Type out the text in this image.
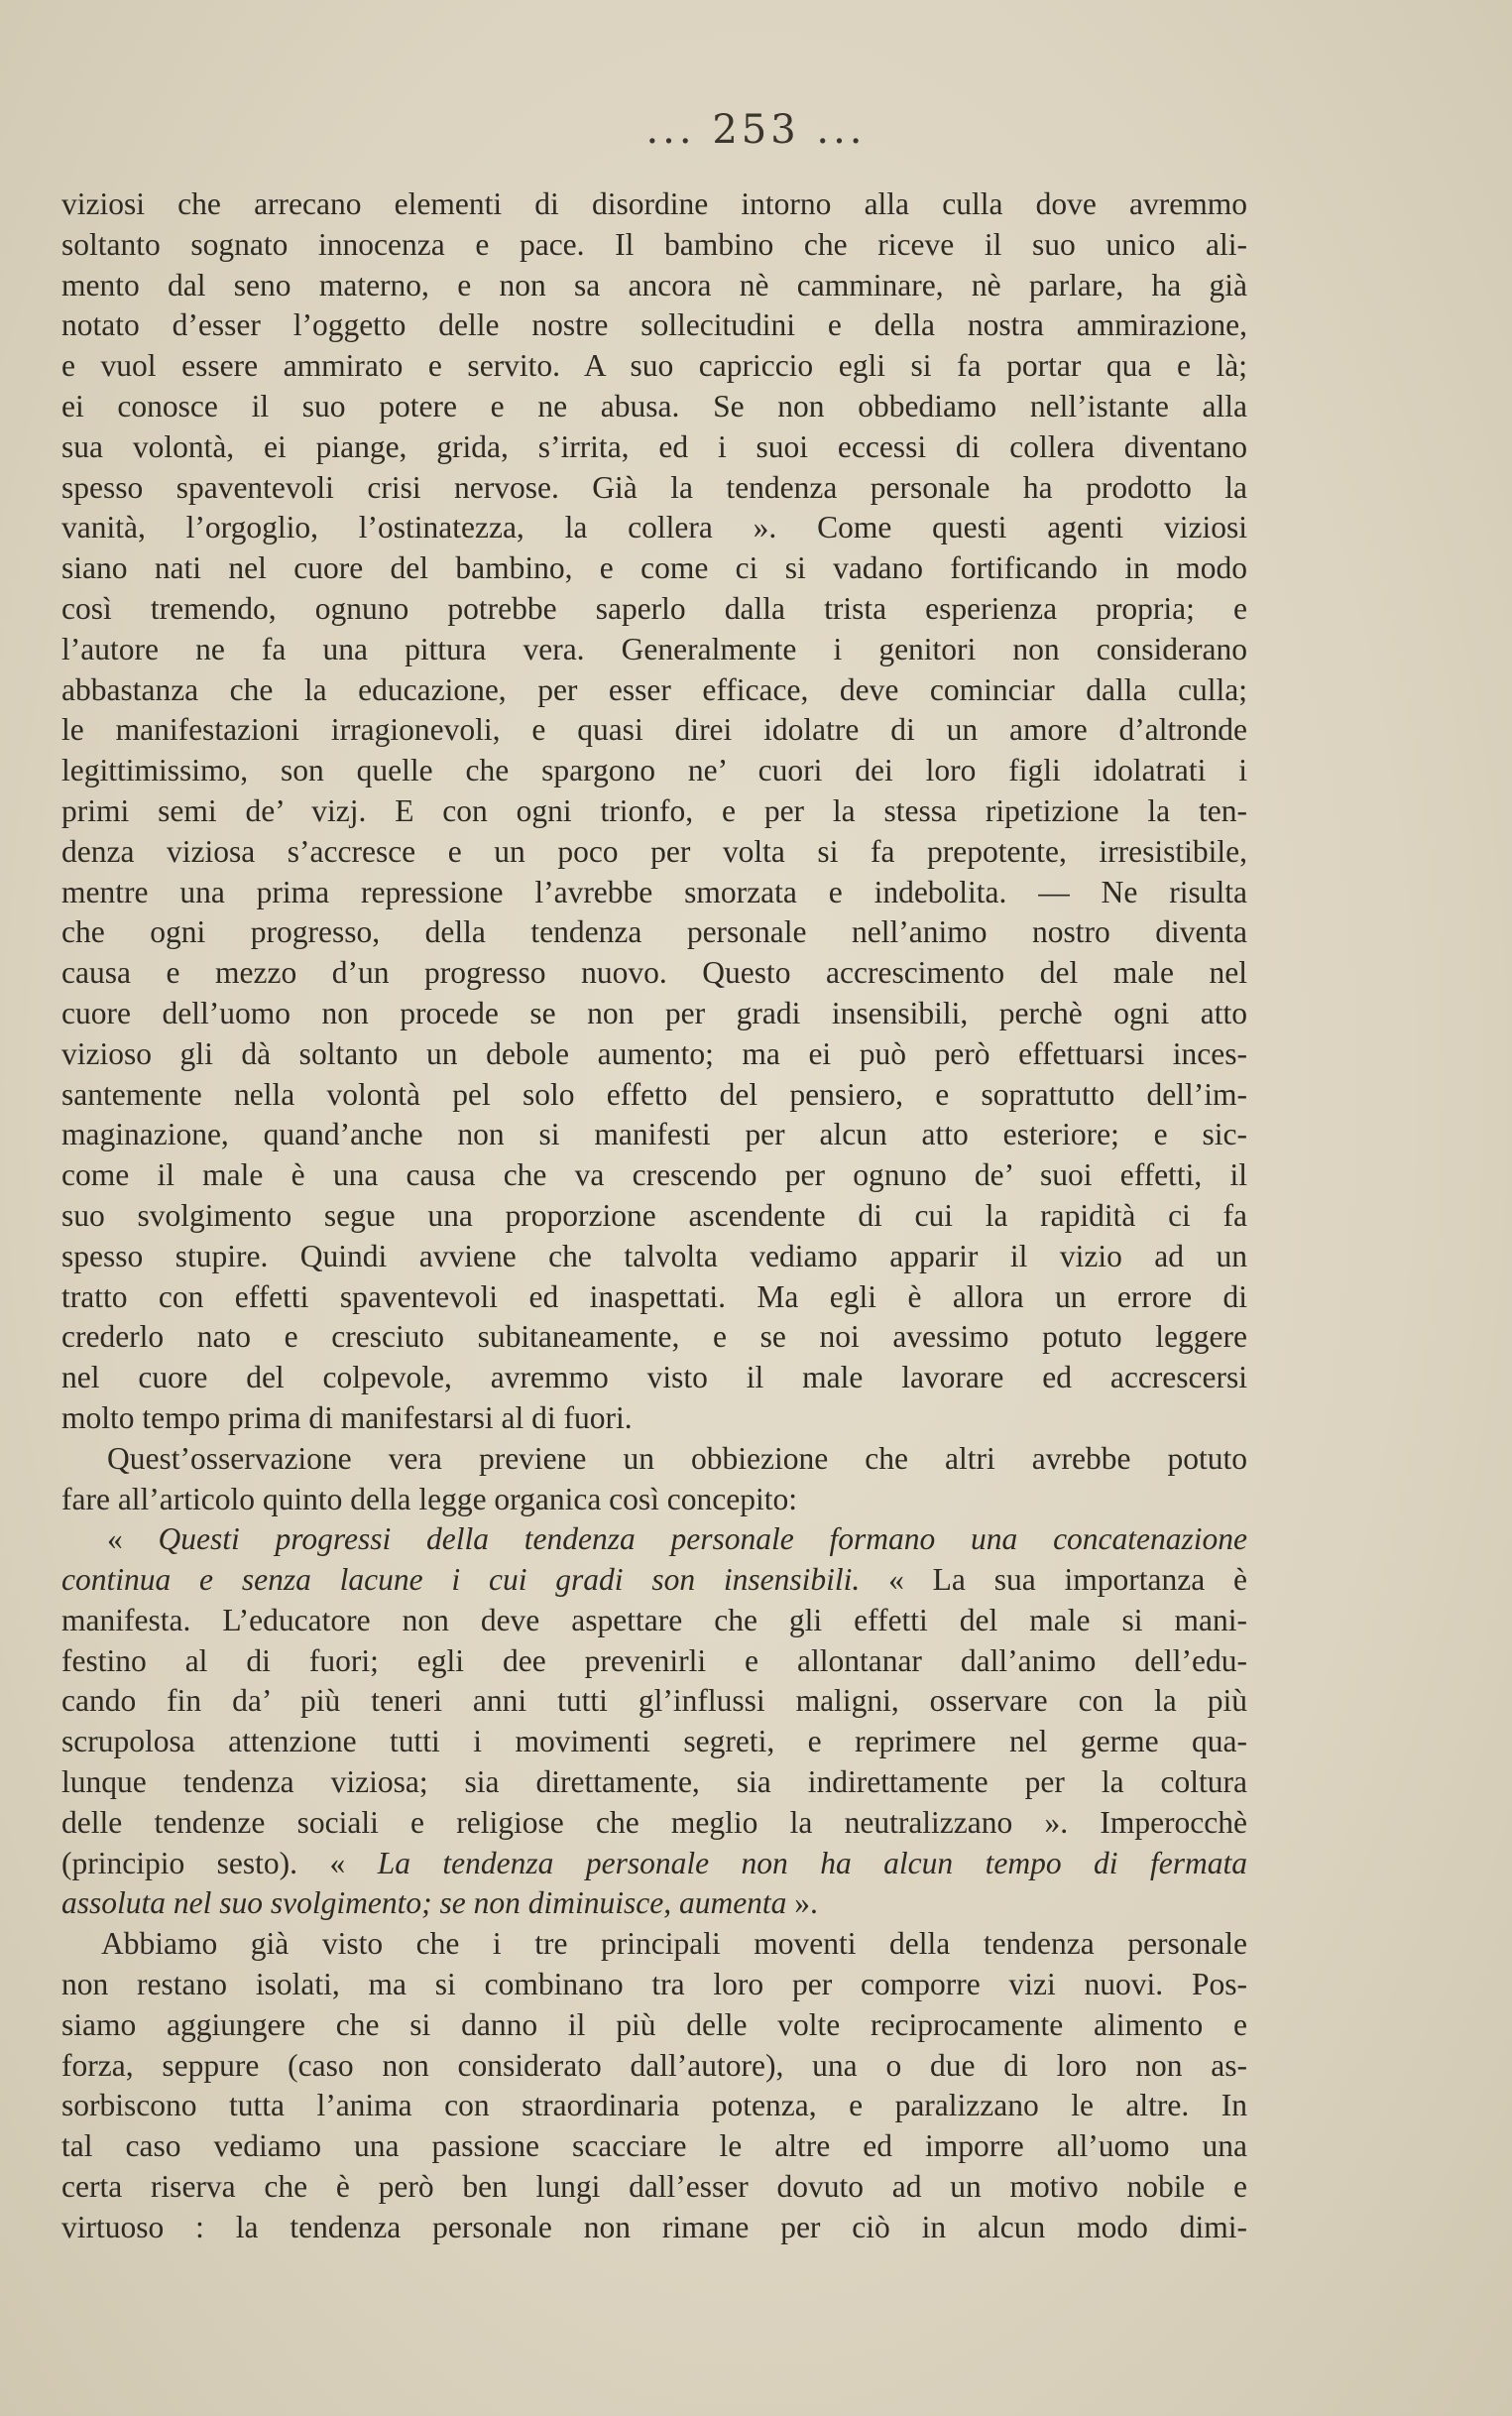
... 253 ...
viziosi che arrecano elementi di disordine intorno alla culla dove avremmo
soltanto sognato innocenza e pace. Il bambino che riceve il suo unico ali-
mento dal seno materno, e non sa ancora nè camminare, nè parlare, ha già
notato d’esser l’oggetto delle nostre sollecitudini e della nostra ammirazione,
e vuol essere ammirato e servito. A suo capriccio egli si fa portar qua e là;
ei conosce il suo potere e ne abusa. Se non obbediamo nell’istante alla
sua volontà, ei piange, grida, s’irrita, ed i suoi eccessi di collera diventano
spesso spaventevoli crisi nervose. Già la tendenza personale ha prodotto la
vanità, l’orgoglio, l’ostinatezza, la collera ». Come questi agenti viziosi
siano nati nel cuore del bambino, e come ci si vadano fortificando in modo
così tremendo, ognuno potrebbe saperlo dalla trista esperienza propria; e
l’autore ne fa una pittura vera. Generalmente i genitori non considerano
abbastanza che la educazione, per esser efficace, deve cominciar dalla culla;
le manifestazioni irragionevoli, e quasi direi idolatre di un amore d’altronde
legittimissimo, son quelle che spargono ne’ cuori dei loro figli idolatrati i
primi semi de’ vizj. E con ogni trionfo, e per la stessa ripetizione la ten-
denza viziosa s’accresce e un poco per volta si fa prepotente, irresistibile,
mentre una prima repressione l’avrebbe smorzata e indebolita. — Ne risulta
che ogni progresso, della tendenza personale nell’animo nostro diventa
causa e mezzo d’un progresso nuovo. Questo accrescimento del male nel
cuore dell’uomo non procede se non per gradi insensibili, perchè ogni atto
vizioso gli dà soltanto un debole aumento; ma ei può però effettuarsi inces-
santemente nella volontà pel solo effetto del pensiero, e soprattutto dell’im-
maginazione, quand’anche non si manifesti per alcun atto esteriore; e sic-
come il male è una causa che va crescendo per ognuno de’ suoi effetti, il
suo svolgimento segue una proporzione ascendente di cui la rapidità ci fa
spesso stupire. Quindi avviene che talvolta vediamo apparir il vizio ad un
tratto con effetti spaventevoli ed inaspettati. Ma egli è allora un errore di
crederlo nato e cresciuto subitaneamente, e se noi avessimo potuto leggere
nel cuore del colpevole, avremmo visto il male lavorare ed accrescersi
molto tempo prima di manifestarsi al di fuori.
Quest’osservazione vera previene un obbiezione che altri avrebbe potuto
fare all’articolo quinto della legge organica così concepito:
« Questi progressi della tendenza personale formano una concatenazione
continua e senza lacune i cui gradi son insensibili. « La sua importanza è
manifesta. L’educatore non deve aspettare che gli effetti del male si mani-
festino al di fuori; egli dee prevenirli e allontanar dall’animo dell’edu-
cando fin da’ più teneri anni tutti gl’influssi maligni, osservare con la più
scrupolosa attenzione tutti i movimenti segreti, e reprimere nel germe qua-
lunque tendenza viziosa; sia direttamente, sia indirettamente per la coltura
delle tendenze sociali e religiose che meglio la neutralizzano ». Imperocchè
(principio sesto). « La tendenza personale non ha alcun tempo di fermata
assoluta nel suo svolgimento; se non diminuisce, aumenta ».
Abbiamo già visto che i tre principali moventi della tendenza personale
non restano isolati, ma si combinano tra loro per comporre vizi nuovi. Pos-
siamo aggiungere che si danno il più delle volte reciprocamente alimento e
forza, seppure (caso non considerato dall’autore), una o due di loro non as-
sorbiscono tutta l’anima con straordinaria potenza, e paralizzano le altre. In
tal caso vediamo una passione scacciare le altre ed imporre all’uomo una
certa riserva che è però ben lungi dall’esser dovuto ad un motivo nobile e
virtuoso : la tendenza personale non rimane per ciò in alcun modo dimi-
